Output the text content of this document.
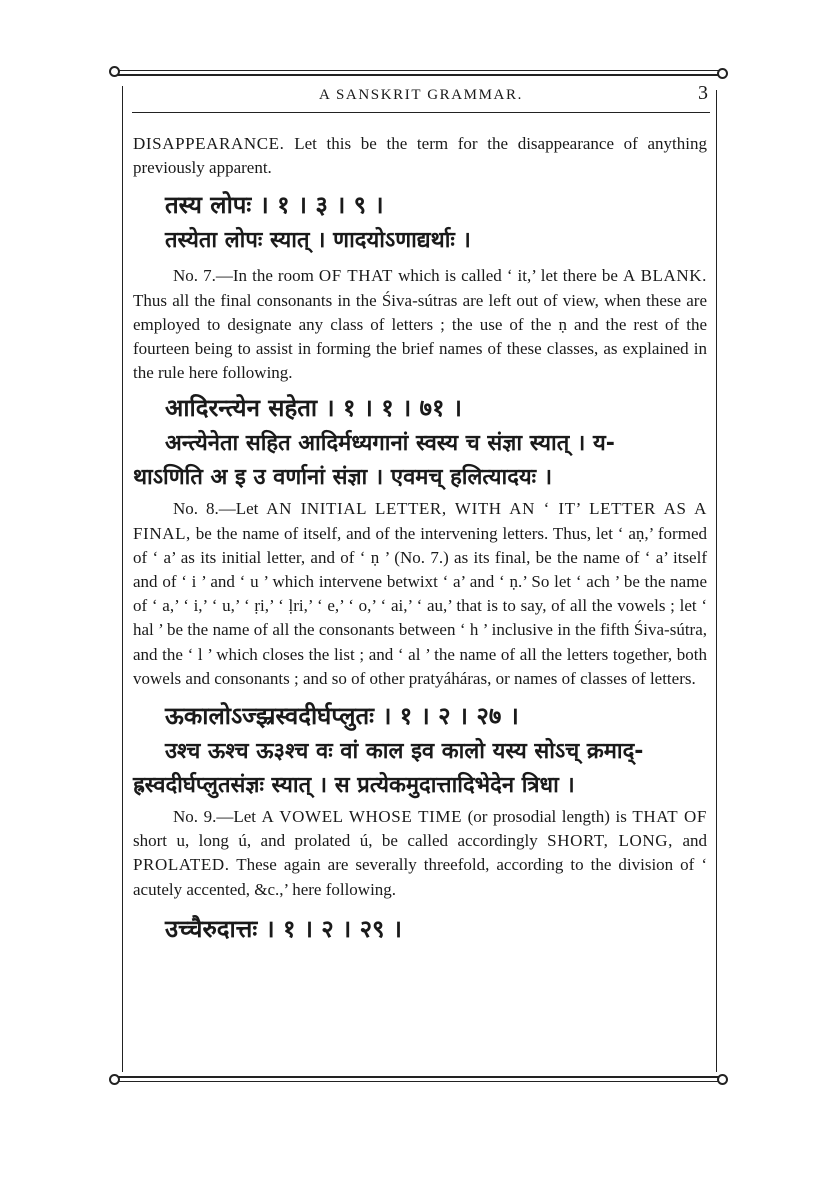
A SANSKRIT GRAMMAR.	3

DISAPPEARANCE. Let this be the term for the disappearance of anything previously apparent.

तस्य लोपः । १ । ३ । ९ ।
तस्येता लोपः स्यात् । णादयोऽणाद्यर्थाः ।

No. 7.—In the room OF THAT which is called ‘ it,’ let there be A BLANK. Thus all the final consonants in the Śiva-sútras are left out of view, when these are employed to designate any class of letters ; the use of the ṇ and the rest of the fourteen being to assist in forming the brief names of these classes, as explained in the rule here following.

आदिरन्त्येन सहेता । १ । १ । ७१ ।
अन्त्येनेता सहित आदिर्मध्यगानां स्वस्य च संज्ञा स्यात् । य-
थाऽणिति अ इ उ वर्णानां संज्ञा । एवमच् हलित्यादयः ।

No. 8.—Let AN INITIAL LETTER, WITH AN ‘ IT’ LETTER AS A FINAL, be the name of itself, and of the intervening letters. Thus, let ‘ aṇ,’ formed of ‘ a’ as its initial letter, and of ‘ ṇ ’ (No. 7.) as its final, be the name of ‘ a’ itself and of ‘ i ’ and ‘ u ’ which intervene betwixt ‘ a’ and ‘ ṇ.’ So let ‘ ach ’ be the name of ‘ a,’ ‘ i,’ ‘ u,’ ‘ ṛi,’ ‘ ḷri,’ ‘ e,’ ‘ o,’ ‘ ai,’ ‘ au,’ that is to say, of all the vowels ; let ‘ hal ’ be the name of all the consonants between ‘ h ’ inclusive in the fifth Śiva-sútra, and the ‘ l ’ which closes the list ; and ‘ al ’ the name of all the letters together, both vowels and consonants ; and so of other pratyáháras, or names of classes of letters.

ऊकालोऽज्झ्रस्वदीर्घप्लुतः । १ । २ । २७ ।
उश्च ऊश्च ऊ३श्च वः वां काल इव कालो यस्य सोऽच् क्रमाद्-
ह्रस्वदीर्घप्लुतसंज्ञः स्यात् । स प्रत्येकमुदात्तादिभेदेन त्रिधा ।

No. 9.—Let A VOWEL WHOSE TIME (or prosodial length) is THAT OF short u, long ú, and prolated ú, be called accordingly SHORT, LONG, and PROLATED. These again are severally threefold, according to the division of ‘ acutely accented, &c.,’ here following.

उच्चैरुदात्तः । १ । २ । २९ ।
